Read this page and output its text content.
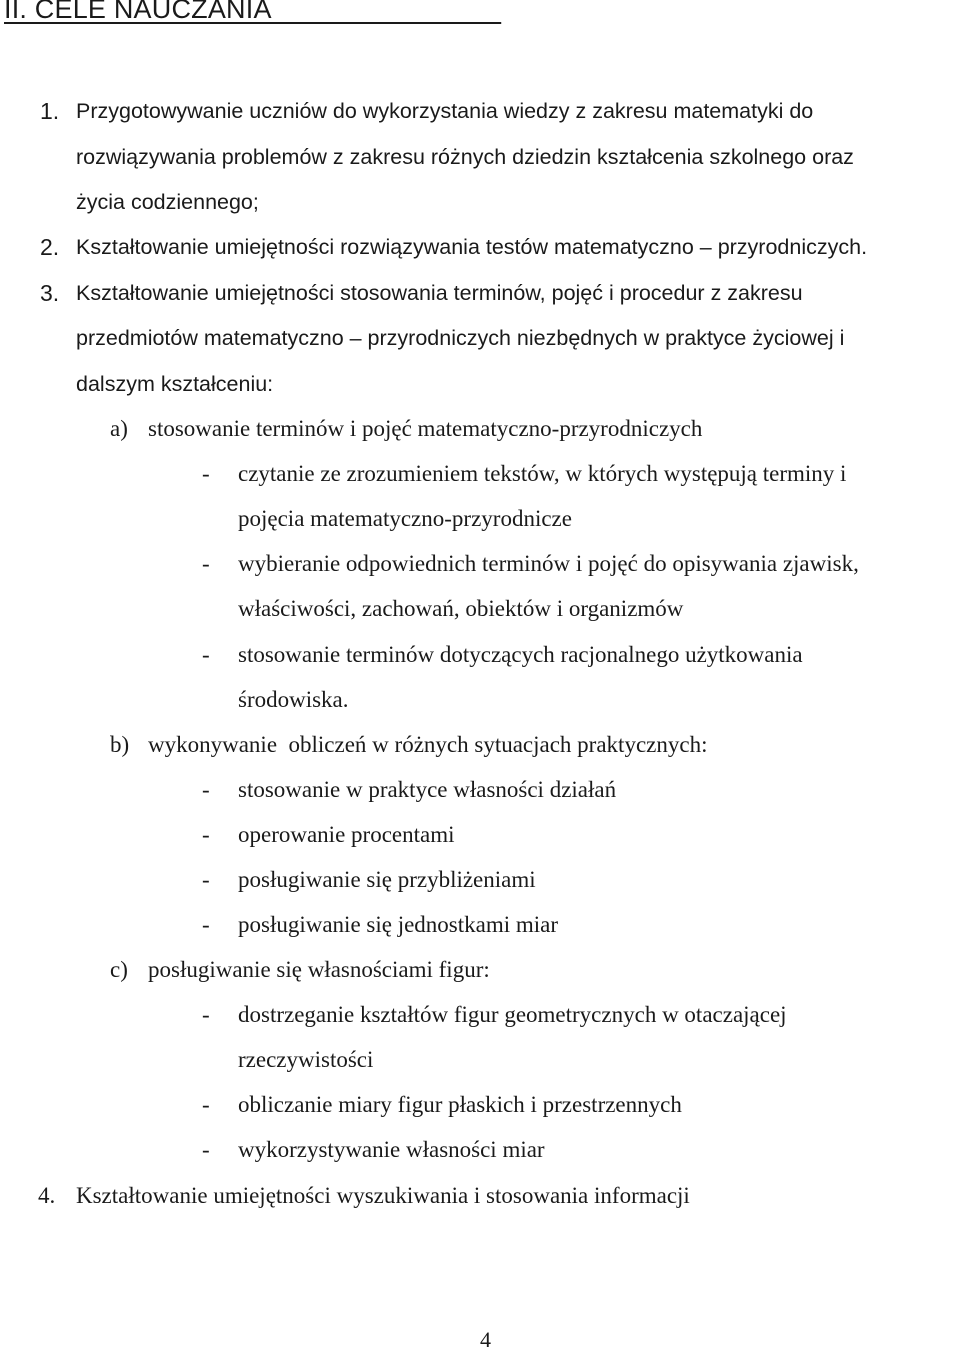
II. CELE NAUCZANIA
1. Przygotowywanie uczniów do wykorzystania wiedzy z zakresu matematyki do
rozwiązywania problemów z zakresu różnych dziedzin kształcenia szkolnego oraz
życia codziennego;
2. Kształtowanie umiejętności rozwiązywania testów matematyczno – przyrodniczych.
3. Kształtowanie umiejętności stosowania terminów, pojęć i procedur z zakresu
przedmiotów matematyczno – przyrodniczych niezbędnych w praktyce życiowej i
dalszym kształceniu:
a) stosowanie terminów i pojęć matematyczno-przyrodniczych
- czytanie ze zrozumieniem tekstów, w których występują terminy i
pojęcia matematyczno-przyrodnicze
- wybieranie odpowiednich terminów i pojęć do opisywania zjawisk,
właściwości, zachowań, obiektów i organizmów
- stosowanie terminów dotyczących racjonalnego użytkowania
środowiska.
b) wykonywanie  obliczeń w różnych sytuacjach praktycznych:
- stosowanie w praktyce własności działań
- operowanie procentami
- posługiwanie się przybliżeniami
- posługiwanie się jednostkami miar
c) posługiwanie się własnościami figur:
- dostrzeganie kształtów figur geometrycznych w otaczającej
rzeczywistości
- obliczanie miary figur płaskich i przestrzennych
- wykorzystywanie własności miar
4. Kształtowanie umiejętności wyszukiwania i stosowania informacji
4
